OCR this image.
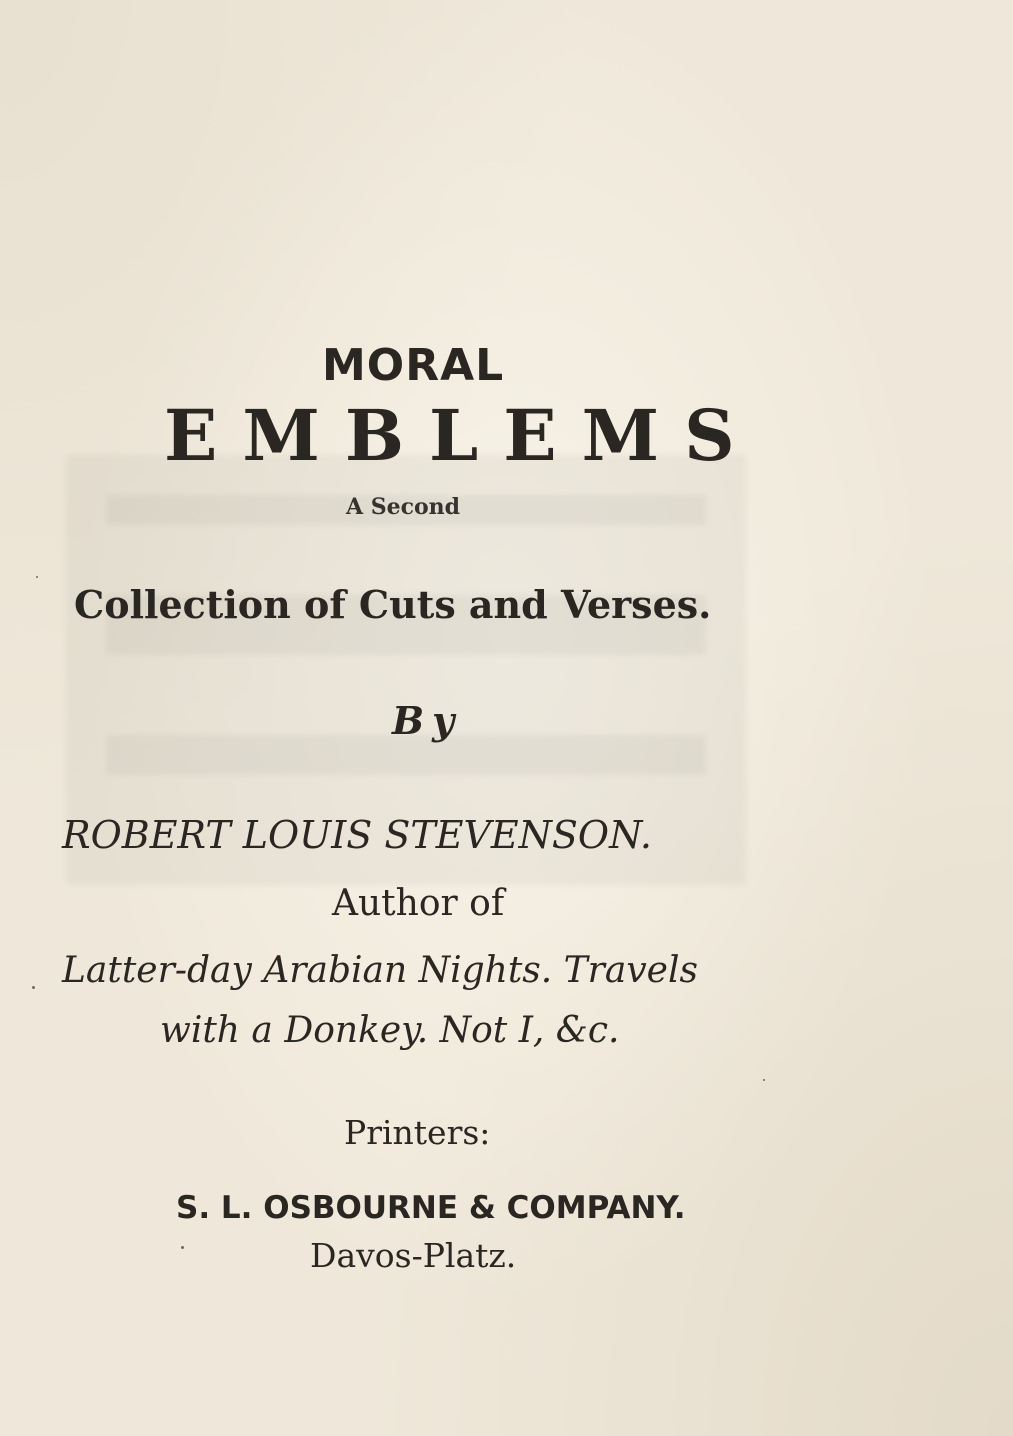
MORAL
EMBLEMS
A Second
Collection of Cuts and Verses.
By
ROBERT LOUIS STEVENSON.
Author of
Latter-day Arabian Nights. Travels
with a Donkey. Not I, &c.
Printers:
S. L. OSBOURNE & COMPANY.
Davos-Platz.
